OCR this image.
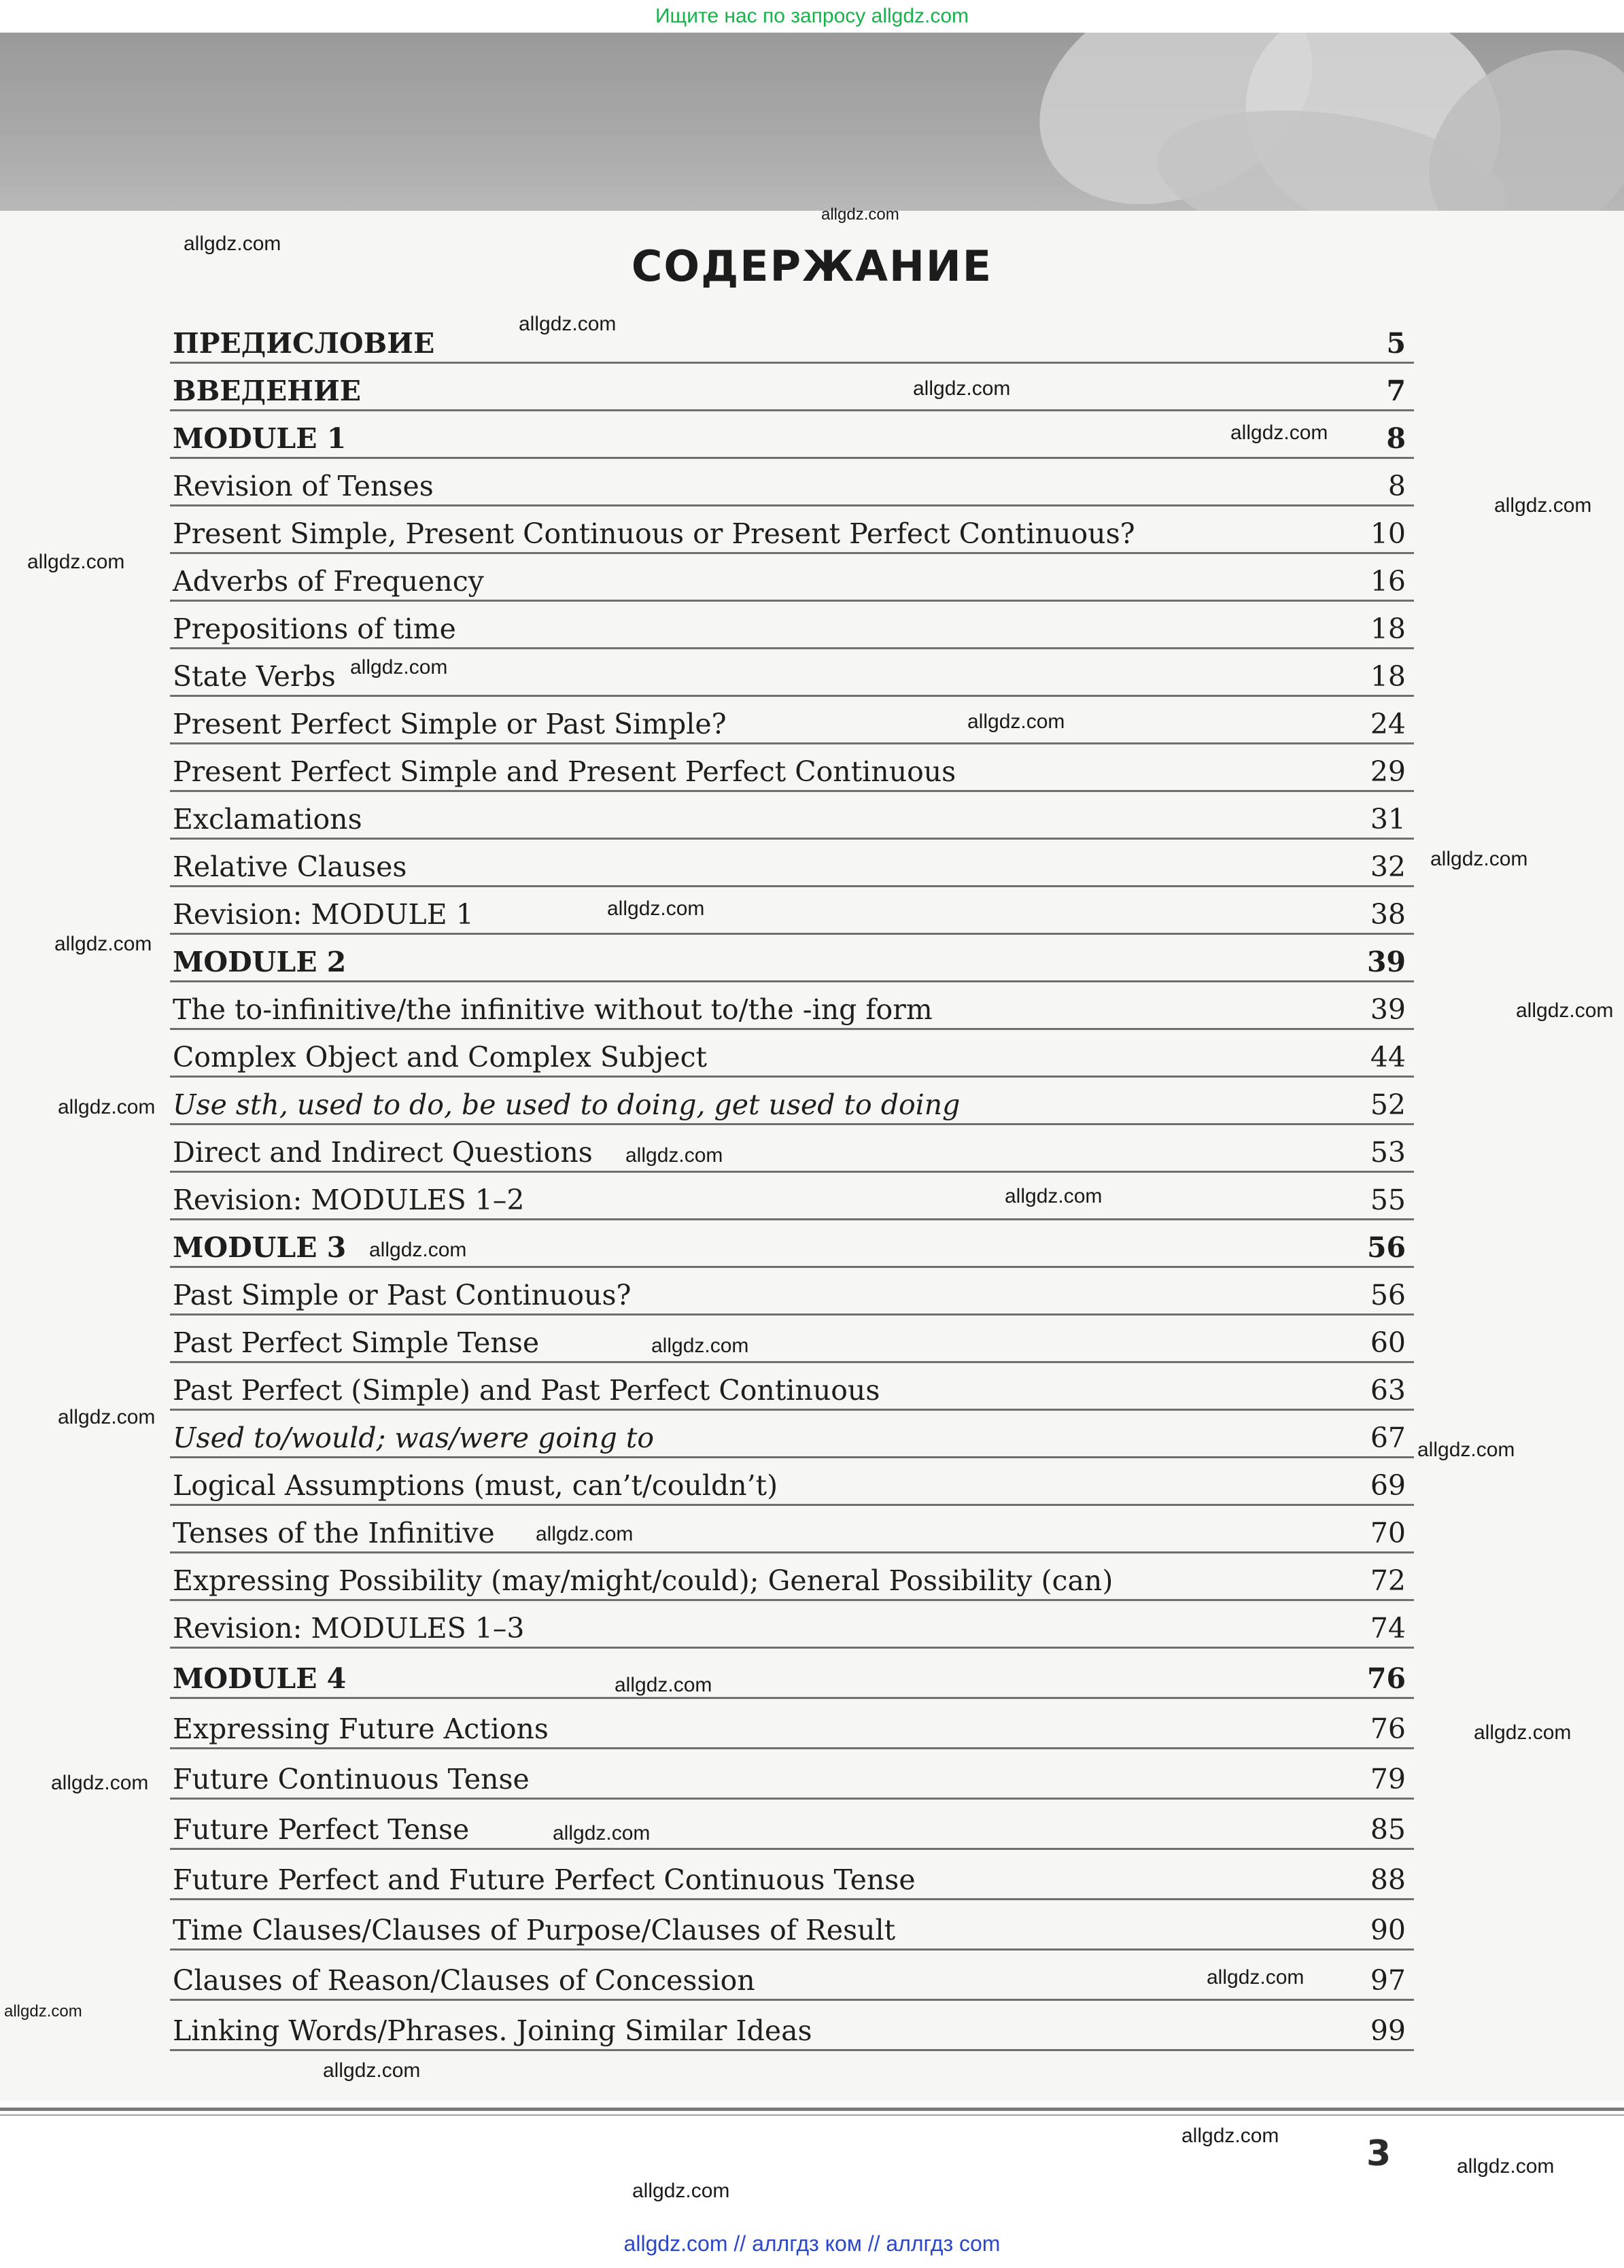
Ищите нас по запросу allgdz.com
СОДЕРЖАНИЕ
ПРЕДИСЛОВИЕ	5
ВВЕДЕНИЕ	7
MODULE 1	8
Revision of Tenses	8
Present Simple, Present Continuous or Present Perfect Continuous?	10
Adverbs of Frequency	16
Prepositions of time	18
State Verbs	18
Present Perfect Simple or Past Simple?	24
Present Perfect Simple and Present Perfect Continuous	29
Exclamations	31
Relative Clauses	32
Revision: MODULE 1	38
MODULE 2	39
The to-infinitive/the infinitive without to/the -ing form	39
Complex Object and Complex Subject	44
Use sth, used to do, be used to doing, get used to doing	52
Direct and Indirect Questions	53
Revision: MODULES 1–2	55
MODULE 3	56
Past Simple or Past Continuous?	56
Past Perfect Simple Tense	60
Past Perfect (Simple) and Past Perfect Continuous	63
Used to/would; was/were going to	67
Logical Assumptions (must, can’t/couldn’t)	69
Tenses of the Infinitive	70
Expressing Possibility (may/might/could); General Possibility (can)	72
Revision: MODULES 1–3	74
MODULE 4	76
Expressing Future Actions	76
Future Continuous Tense	79
Future Perfect Tense	85
Future Perfect and Future Perfect Continuous Tense	88
Time Clauses/Clauses of Purpose/Clauses of Result	90
Clauses of Reason/Clauses of Concession	97
Linking Words/Phrases. Joining Similar Ideas	99
3
allgdz.com // аллгдз ком // аллгдз com
allgdz.com
allgdz.com
allgdz.com
allgdz.com
allgdz.com
allgdz.com
allgdz.com
allgdz.com
allgdz.com
allgdz.com
allgdz.com
allgdz.com
allgdz.com
allgdz.com
allgdz.com
allgdz.com
allgdz.com
allgdz.com
allgdz.com
allgdz.com
allgdz.com
allgdz.com
allgdz.com
allgdz.com
allgdz.com
allgdz.com
allgdz.com
allgdz.com
allgdz.com
allgdz.com
allgdz.com
